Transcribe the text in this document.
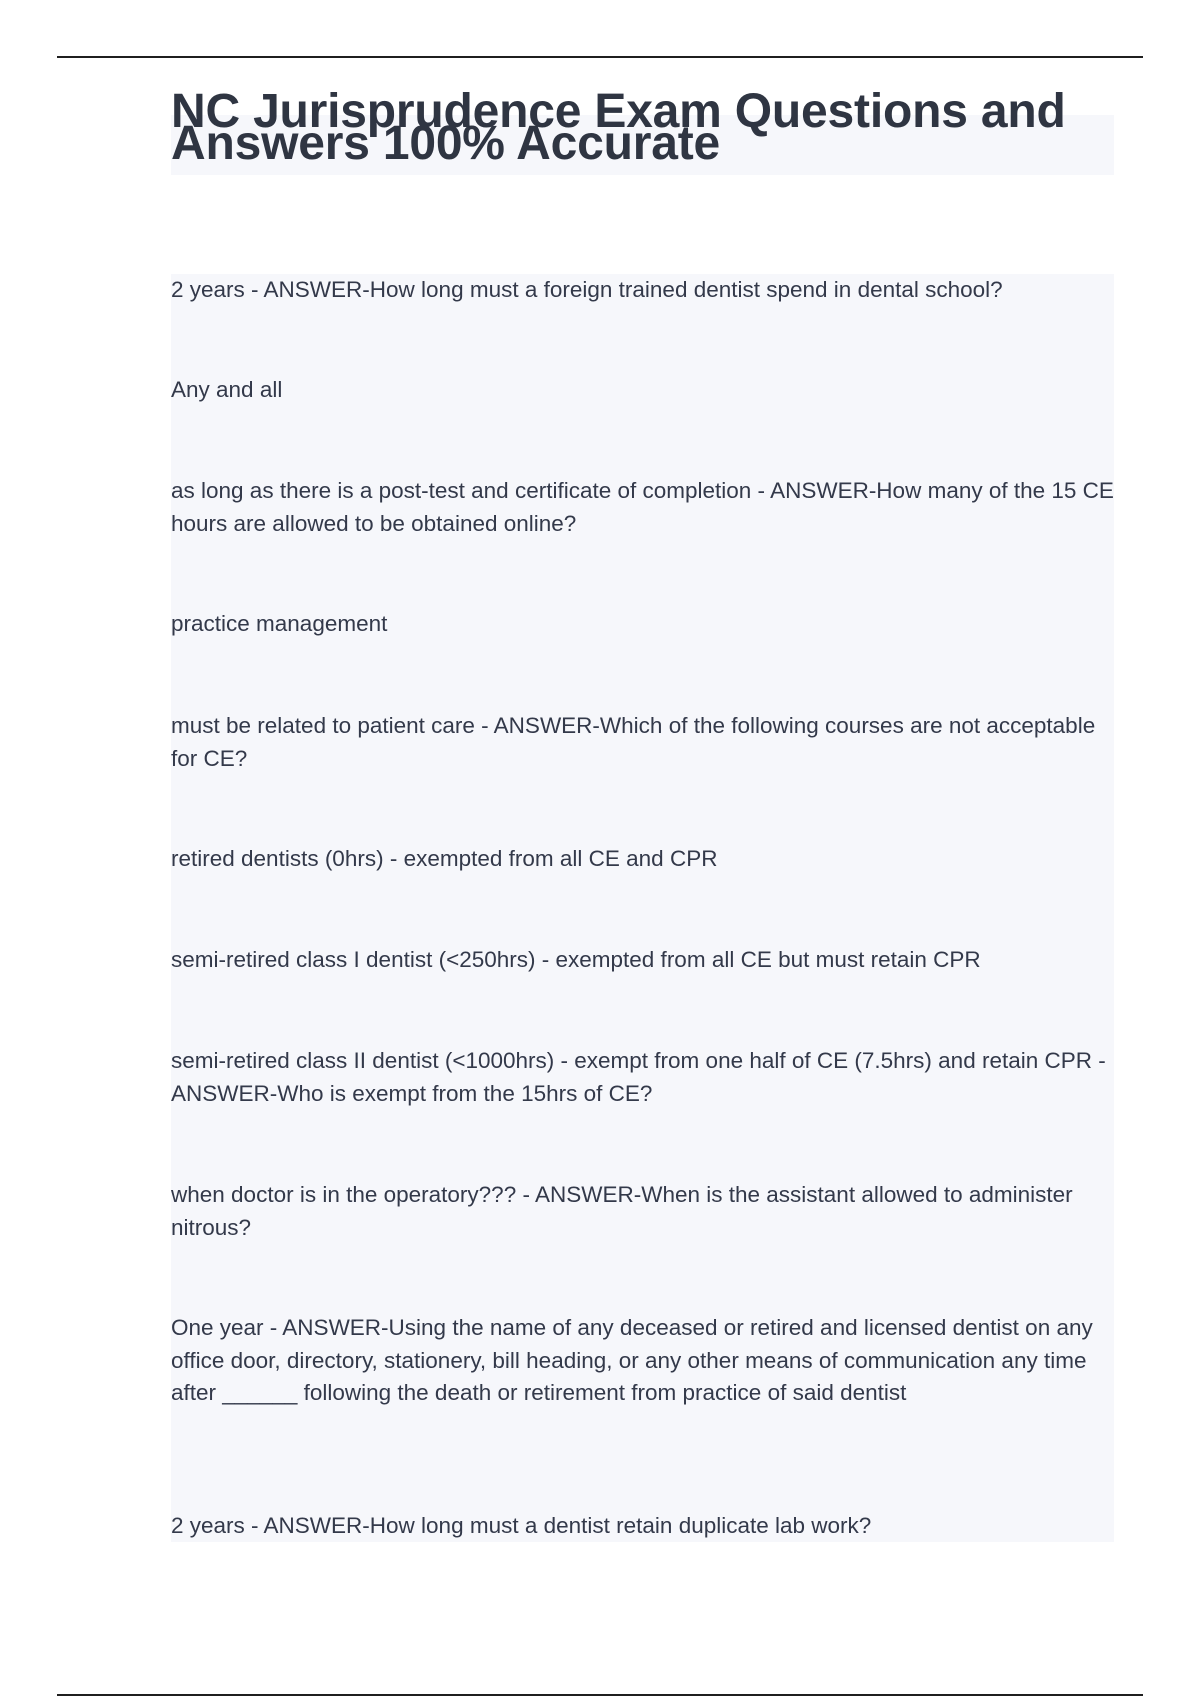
NC Jurisprudence Exam Questions and Answers 100% Accurate

2 years - ANSWER-How long must a foreign trained dentist spend in dental school?

Any and all

as long as there is a post-test and certificate of completion - ANSWER-How many of the 15 CE hours are allowed to be obtained online?

practice management

must be related to patient care - ANSWER-Which of the following courses are not acceptable for CE?

retired dentists (0hrs) - exempted from all CE and CPR

semi-retired class I dentist (<250hrs) - exempted from all CE but must retain CPR

semi-retired class II dentist (<1000hrs) - exempt from one half of CE (7.5hrs) and retain CPR - ANSWER-Who is exempt from the 15hrs of CE?

when doctor is in the operatory??? - ANSWER-When is the assistant allowed to administer nitrous?

One year - ANSWER-Using the name of any deceased or retired and licensed dentist on any office door, directory, stationery, bill heading, or any other means of communication any time after ______ following the death or retirement from practice of said dentist

2 years - ANSWER-How long must a dentist retain duplicate lab work?
